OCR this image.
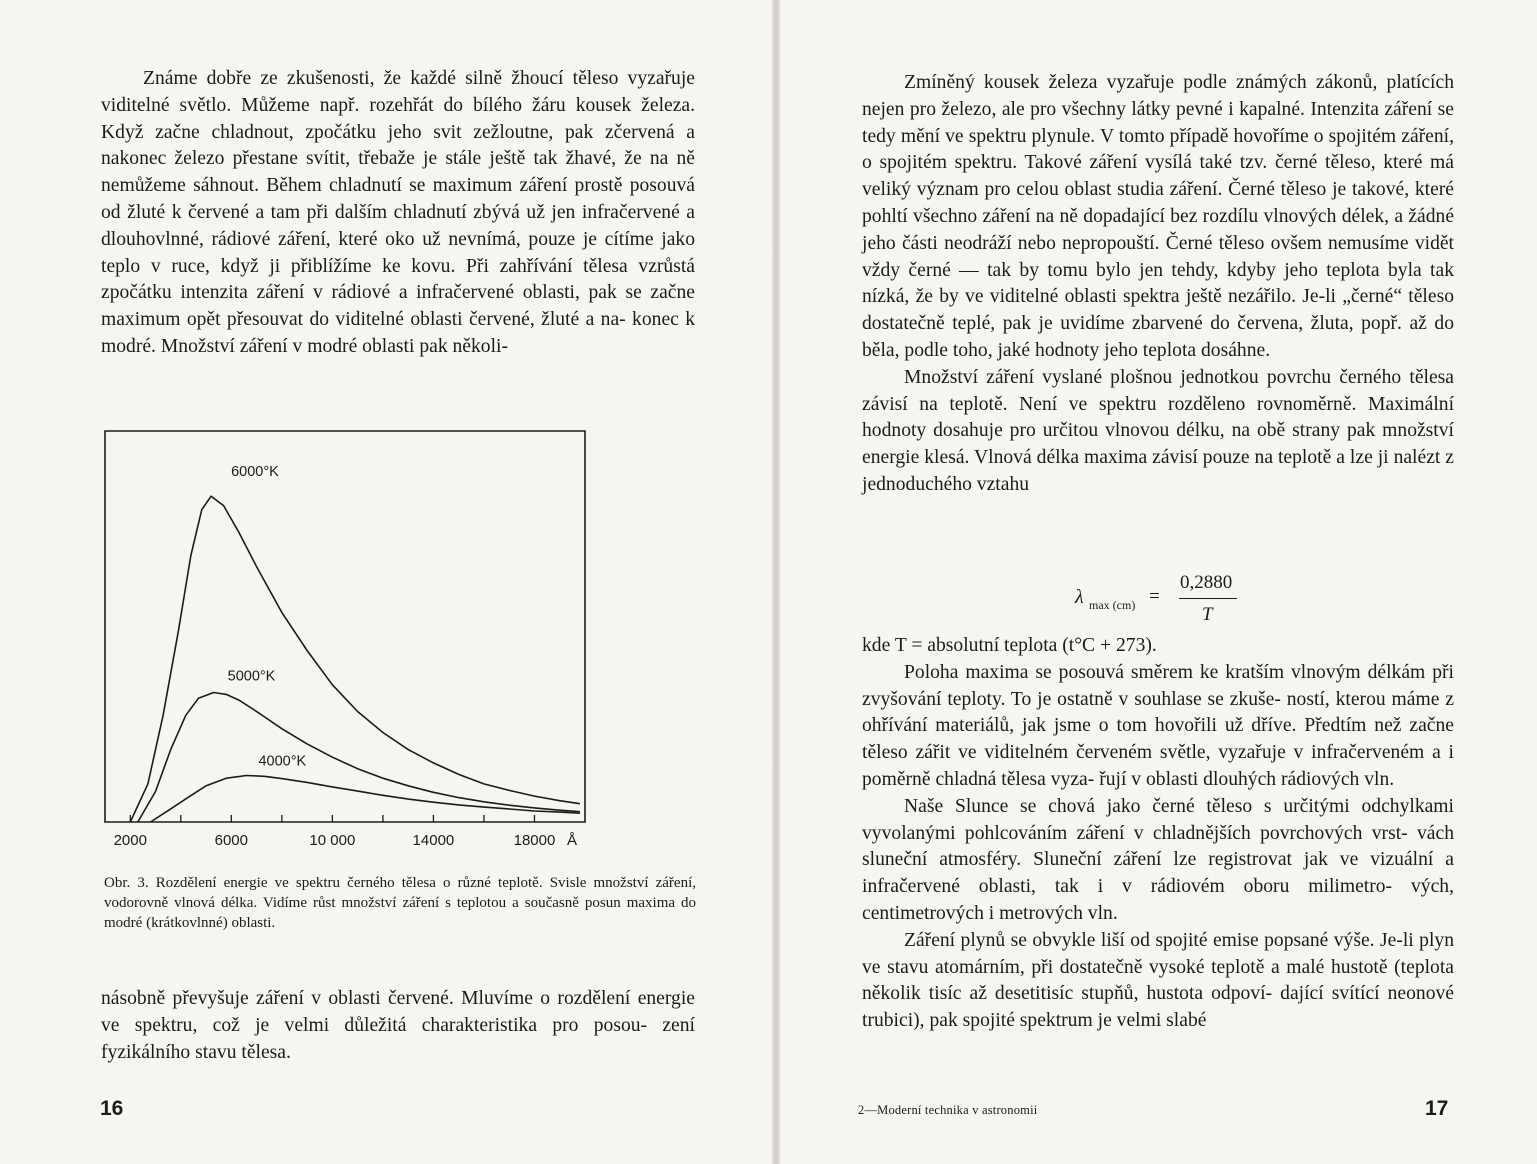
Známe dobře ze zkušenosti, že každé silně žhoucí těleso vyzařuje viditelné světlo. Můžeme např. rozehřát do bílého žáru kousek železa. Když začne chladnout, zpočátku jeho svit zežloutne, pak zčervená a nakonec železo přestane svítit, třebaže je stále ještě tak žhavé, že na ně nemůžeme sáhnout. Během chladnutí se maximum záření prostě posouvá od žluté k červené a tam při dalším chladnutí zbývá už jen infračervené a dlouhovlnné, rádiové záření, které oko už nevnímá, pouze je cítíme jako teplo v ruce, když ji přiblížíme ke kovu. Při zahřívání tělesa vzrůstá zpočátku intenzita záření v rádiové a infračervené oblasti, pak se začne maximum opět přesouvat do viditelné oblasti červené, žluté a na- konec k modré. Množství záření v modré oblasti pak několi-

6000°K
5000°K
4000°K
2000	6000	10 000	14000	18000 Å

Obr. 3. Rozdělení energie ve spektru černého tělesa o různé teplotě. Svisle množství záření, vodorovně vlnová délka. Vidíme růst množství záření s teplotou a současně posun maxima do modré (krátkovlnné) oblasti.

násobně převyšuje záření v oblasti červené. Mluvíme o rozdělení energie ve spektru, což je velmi důležitá charakteristika pro posou- zení fyzikálního stavu tělesa.

16

Zmíněný kousek železa vyzařuje podle známých zákonů, platících nejen pro železo, ale pro všechny látky pevné i kapalné. Intenzita záření se tedy mění ve spektru plynule. V tomto případě hovoříme o spojitém záření, o spojitém spektru. Takové záření vysílá také tzv. černé těleso, které má veliký význam pro celou oblast studia záření. Černé těleso je takové, které pohltí všechno záření na ně dopadající bez rozdílu vlnových délek, a žádné jeho části neodráží nebo nepropouští. Černé těleso ovšem nemusíme vidět vždy černé — tak by tomu bylo jen tehdy, kdyby jeho teplota byla tak nízká, že by ve viditelné oblasti spektra ještě nezářilo. Je-li „černé“ těleso dostatečně teplé, pak je uvidíme zbarvené do červena, žluta, popř. až do běla, podle toho, jaké hodnoty jeho teplota dosáhne.

Množství záření vyslané plošnou jednotkou povrchu černého tělesa závisí na teplotě. Není ve spektru rozděleno rovnoměrně. Maximální hodnoty dosahuje pro určitou vlnovou délku, na obě strany pak množství energie klesá. Vlnová délka maxima závisí pouze na teplotě a lze ji nalézt z jednoduchého vztahu

λ max (cm) =
0,2880
T

kde T = absolutní teplota (t°C + 273).

Poloha maxima se posouvá směrem ke kratším vlnovým délkám při zvyšování teploty. To je ostatně v souhlase se zkuše- ností, kterou máme z ohřívání materiálů, jak jsme o tom hovořili už dříve. Předtím než začne těleso zářit ve viditelném červeném světle, vyzařuje v infračerveném a i poměrně chladná tělesa vyza- řují v oblasti dlouhých rádiových vln.

Naše Slunce se chová jako černé těleso s určitými odchylkami vyvolanými pohlcováním záření v chladnějších povrchových vrst- vách sluneční atmosféry. Sluneční záření lze registrovat jak ve vizuální a infračervené oblasti, tak i v rádiovém oboru milimetro- vých, centimetrových i metrových vln.

Záření plynů se obvykle liší od spojité emise popsané výše. Je-li plyn ve stavu atomárním, při dostatečně vysoké teplotě a malé hustotě (teplota několik tisíc až desetitisíc stupňů, hustota odpoví- dající svítící neonové trubici), pak spojité spektrum je velmi slabé

2—Moderní technika v astronomii	17
